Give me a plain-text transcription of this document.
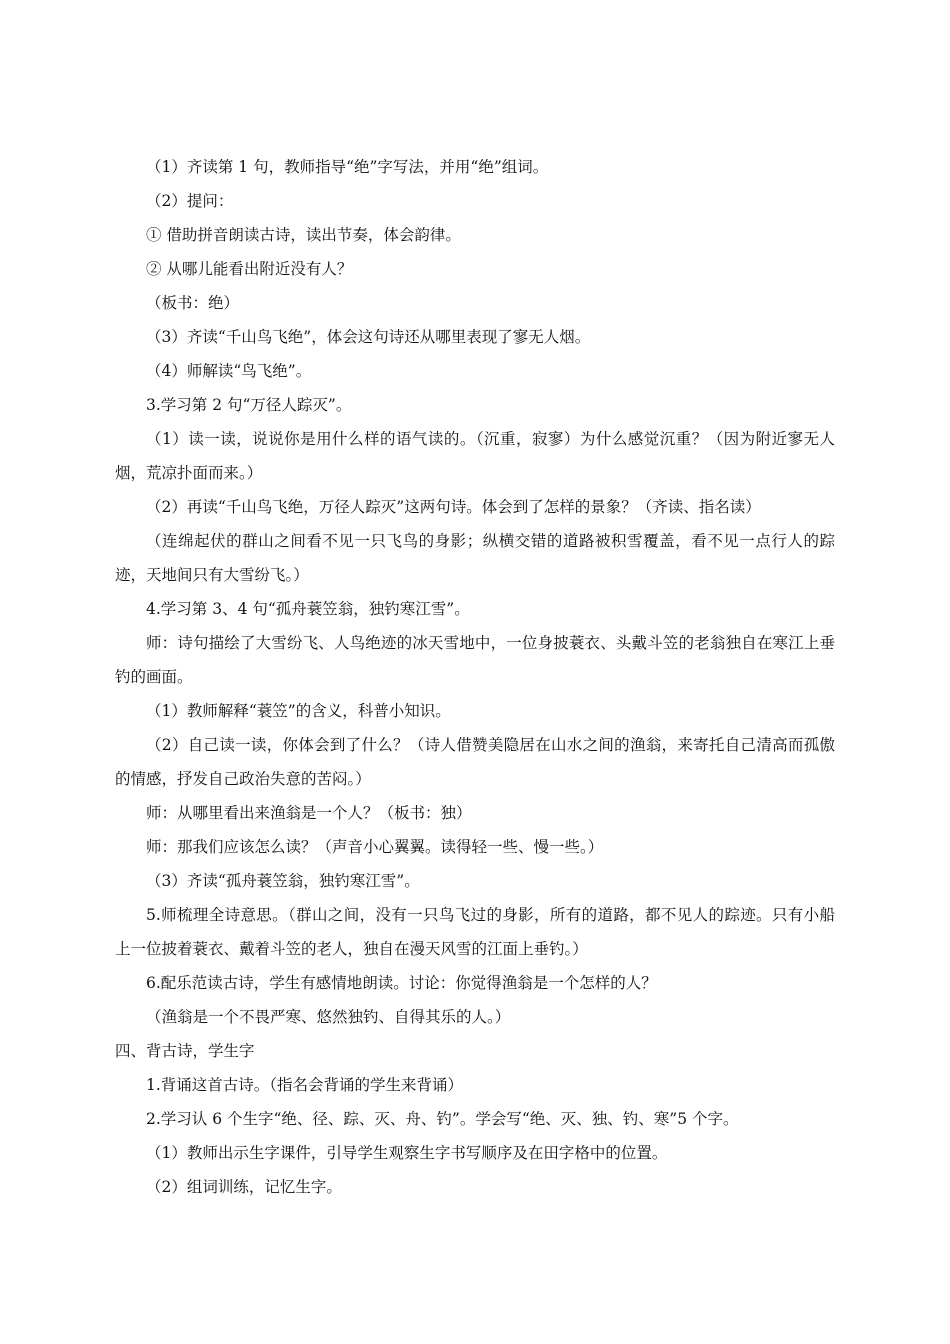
（1）齐读第 1 句，教师指导“绝”字写法，并用“绝”组词。

（2）提问：

① 借助拼音朗读古诗，读出节奏，体会韵律。

② 从哪儿能看出附近没有人？

（板书：绝）

（3）齐读“千山鸟飞绝”，体会这句诗还从哪里表现了寥无人烟。

（4）师解读“鸟飞绝”。

3.学习第 2 句“万径人踪灭”。

（1）读一读，说说你是用什么样的语气读的。（沉重，寂寥）为什么感觉沉重？（因为附近寥无人烟，荒凉扑面而来。）

（2）再读“千山鸟飞绝，万径人踪灭”这两句诗。体会到了怎样的景象？（齐读、指名读）

（连绵起伏的群山之间看不见一只飞鸟的身影；纵横交错的道路被积雪覆盖，看不见一点行人的踪迹，天地间只有大雪纷飞。）

4.学习第 3、4 句“孤舟蓑笠翁，独钓寒江雪”。

师：诗句描绘了大雪纷飞、人鸟绝迹的冰天雪地中，一位身披蓑衣、头戴斗笠的老翁独自在寒江上垂钓的画面。

（1）教师解释“蓑笠”的含义，科普小知识。

（2）自己读一读，你体会到了什么？（诗人借赞美隐居在山水之间的渔翁，来寄托自己清高而孤傲的情感，抒发自己政治失意的苦闷。）

师：从哪里看出来渔翁是一个人？（板书：独）

师：那我们应该怎么读？（声音小心翼翼。读得轻一些、慢一些。）

（3）齐读“孤舟蓑笠翁，独钓寒江雪”。

5.师梳理全诗意思。（群山之间，没有一只鸟飞过的身影，所有的道路，都不见人的踪迹。只有小船上一位披着蓑衣、戴着斗笠的老人，独自在漫天风雪的江面上垂钓。）

6.配乐范读古诗，学生有感情地朗读。讨论：你觉得渔翁是一个怎样的人？

（渔翁是一个不畏严寒、悠然独钓、自得其乐的人。）

四、背古诗，学生字

1.背诵这首古诗。（指名会背诵的学生来背诵）

2.学习认 6 个生字“绝、径、踪、灭、舟、钓”。学会写“绝、灭、独、钓、寒”5 个字。

（1）教师出示生字课件，引导学生观察生字书写顺序及在田字格中的位置。

（2）组词训练，记忆生字。
